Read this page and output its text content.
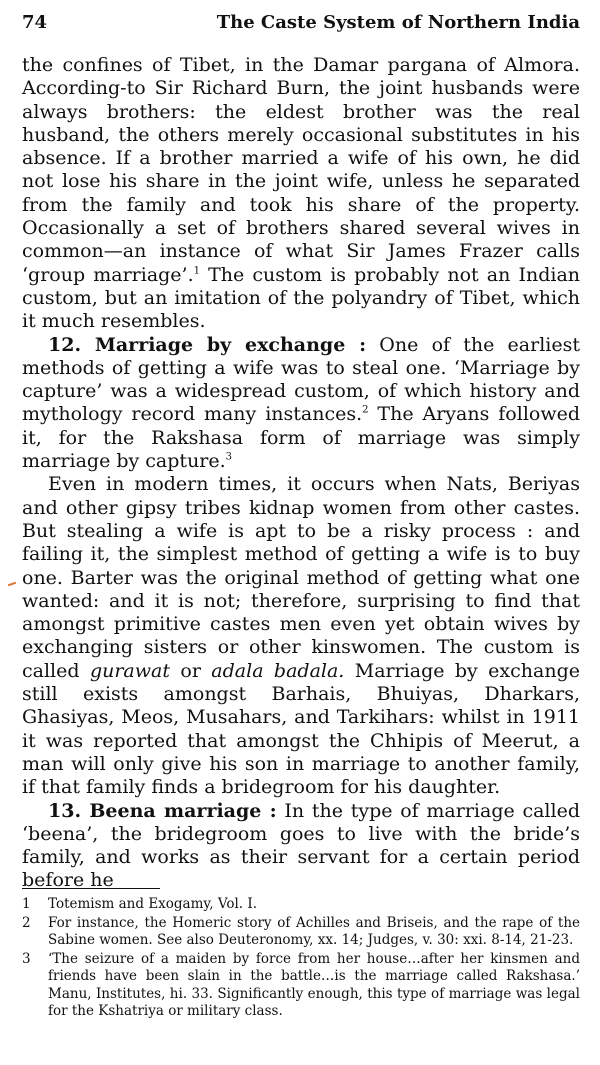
74	The Caste System of Northern India

the confines of Tibet, in the Damar pargana of Almora. According-to Sir Richard Burn, the joint husbands were always brothers: the eldest brother was the real husband, the others merely occasional substitutes in his absence. If a brother married a wife of his own, he did not lose his share in the joint wife, unless he separated from the family and took his share of the property. Occasionally a set of brothers shared several wives in common—an instance of what Sir James Frazer calls ‘group marriage’.$^1$ The custom is probably not an Indian custom, but an imitation of the polyandry of Tibet, which it much resembles.

12. Marriage by exchange : One of the earliest methods of getting a wife was to steal one. ‘Marriage by capture’ was a widespread custom, of which history and mythology record many instances.$^2$ The Aryans followed it, for the Rakshasa form of marriage was simply marriage by capture.$^3$

Even in modern times, it occurs when Nats, Beriyas and other gipsy tribes kidnap women from other castes. But stealing a wife is apt to be a risky process : and failing it, the simplest method of getting a wife is to buy one. Barter was the original method of getting what one wanted: and it is not; therefore, surprising to find that amongst primitive castes men even yet obtain wives by exchanging sisters or other kinswomen. The custom is called gurawat or adala badala. Marriage by exchange still exists amongst Barhais, Bhuiyas, Dharkars, Ghasiyas, Meos, Musahars, and Tarkihars: whilst in 1911 it was reported that amongst the Chhipis of Meerut, a man will only give his son in marriage to another family, if that family finds a bridegroom for his daughter.

13. Beena marriage : In the type of marriage called ‘beena’, the bridegroom goes to live with the bride’s family, and works as their servant for a certain period before he

1 Totemism and Exogamy, Vol. I.
2 For instance, the Homeric story of Achilles and Briseis, and the rape of the Sabine women. See also Deuteronomy, xx. 14; Judges, v. 30: xxi. 8-14, 21-23.
3 ‘The seizure of a maiden by force from her house…after her kinsmen and friends have been slain in the battle…is the marriage called Rakshasa.’ Manu, Institutes, hi. 33. Significantly enough, this type of marriage was legal for the Kshatriya or military class.
